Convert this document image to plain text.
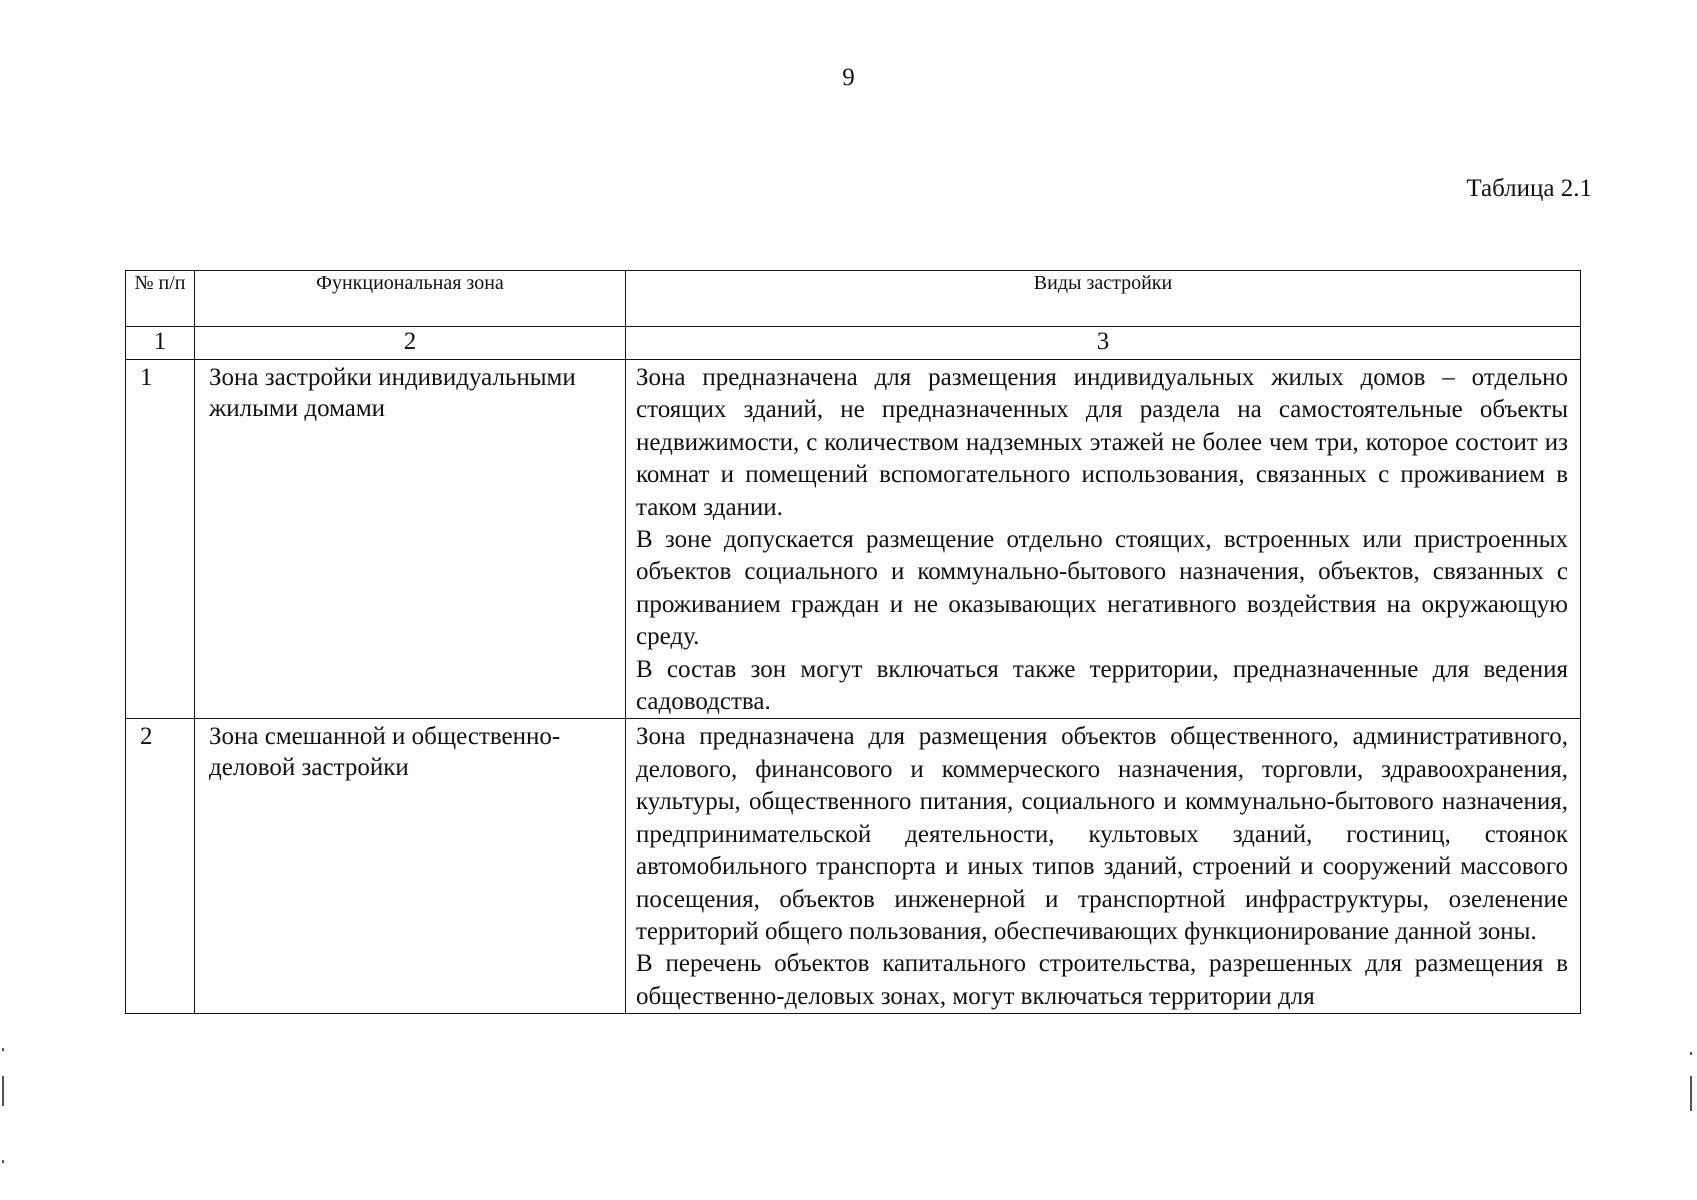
9
Таблица 2.1
№ п/п	Функциональная зона	Виды застройки
1	2	3
1	Зона застройки индивидуальными жилыми домами	Зона предназначена для размещения индивидуальных жилых домов – отдельно стоящих зданий, не предназначенных для раздела на самостоятельные объекты недвижимости, с количеством надземных этажей не более чем три, которое состоит из комнат и помещений вспомогательного использования, связанных с проживанием в таком здании.

В зоне допускается размещение отдельно стоящих, встроенных или пристроенных объектов социального и коммунально-бытового назначения, объектов, связанных с проживанием граждан и не оказывающих негативного воздействия на окружающую среду.

В состав зон могут включаться также территории, предназначенные для ведения садоводства.

2	Зона смешанной и общественно-деловой застройки	Зона предназначена для размещения объектов общественного, административного, делового, финансового и коммерческого назначения, торговли, здравоохранения, культуры, общественного питания, социального и коммунально-бытового назначения, предпринимательской деятельности, культовых зданий, гостиниц, стоянок автомобильного транспорта и иных типов зданий, строений и сооружений массового посещения, объектов инженерной и транспортной инфраструктуры, озеленение территорий общего пользования, обеспечивающих функционирование данной зоны.

В перечень объектов капитального строительства, разрешенных для размещения в общественно-деловых зонах, могут включаться территории для
